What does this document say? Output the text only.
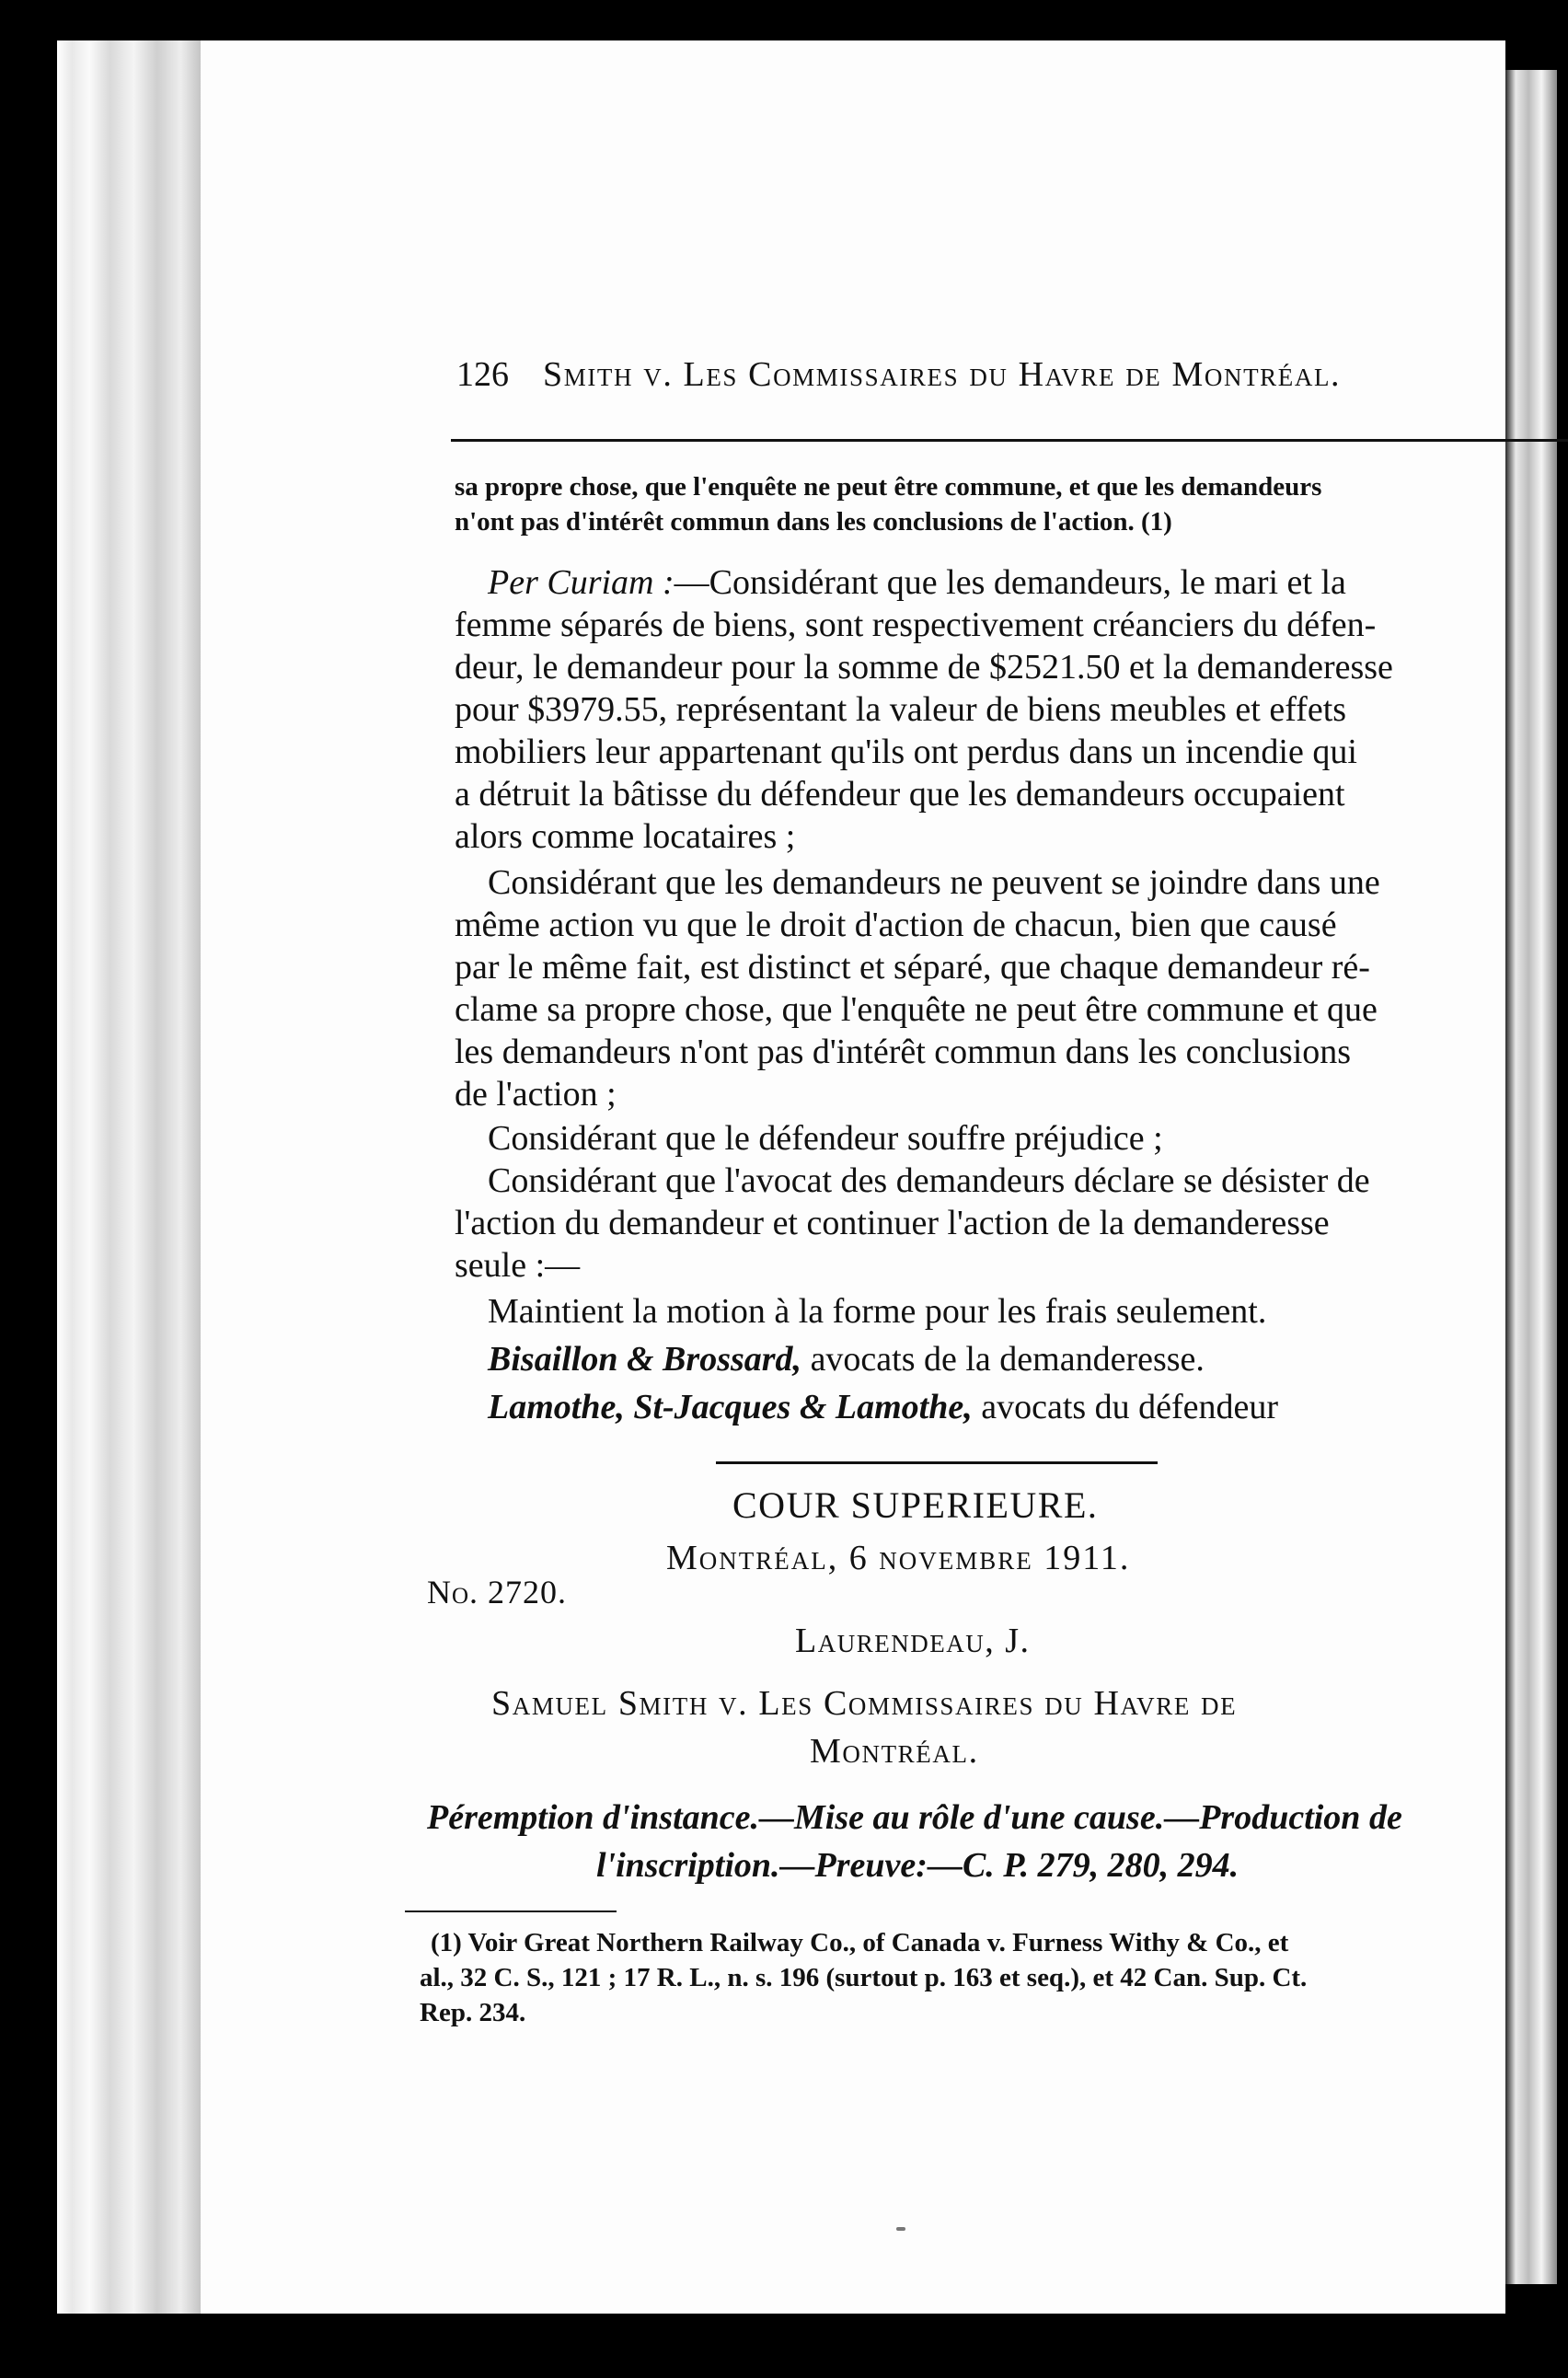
126 Smith v. Les Commissaires du Havre de Montréal.
sa propre chose, que l'enquête ne peut être commune, et que les demandeurs
n'ont pas d'intérêt commun dans les conclusions de l'action. (1)
Per Curiam :—Considérant que les demandeurs, le mari et la
femme séparés de biens, sont respectivement créanciers du défen-
deur, le demandeur pour la somme de $2521.50 et la demanderesse
pour $3979.55, représentant la valeur de biens meubles et effets
mobiliers leur appartenant qu'ils ont perdus dans un incendie qui
a détruit la bâtisse du défendeur que les demandeurs occupaient
alors comme locataires ;
Considérant que les demandeurs ne peuvent se joindre dans une
même action vu que le droit d'action de chacun, bien que causé
par le même fait, est distinct et séparé, que chaque demandeur ré-
clame sa propre chose, que l'enquête ne peut être commune et que
les demandeurs n'ont pas d'intérêt commun dans les conclusions
de l'action ;
Considérant que le défendeur souffre préjudice ;
Considérant que l'avocat des demandeurs déclare se désister de
l'action du demandeur et continuer l'action de la demanderesse
seule :—
Maintient la motion à la forme pour les frais seulement.
Bisaillon & Brossard, avocats de la demanderesse.
Lamothe, St-Jacques & Lamothe, avocats du défendeur
COUR SUPERIEURE.
Montréal, 6 novembre 1911.
No. 2720.
Laurendeau, J.
Samuel Smith v. Les Commissaires du Havre de
Montréal.
Péremption d'instance.—Mise au rôle d'une cause.—Production de
l'inscription.—Preuve:—C. P. 279, 280, 294.
(1) Voir Great Northern Railway Co., of Canada v. Furness Withy & Co., et
al., 32 C. S., 121 ; 17 R. L., n. s. 196 (surtout p. 163 et seq.), et 42 Can. Sup. Ct.
Rep. 234.
